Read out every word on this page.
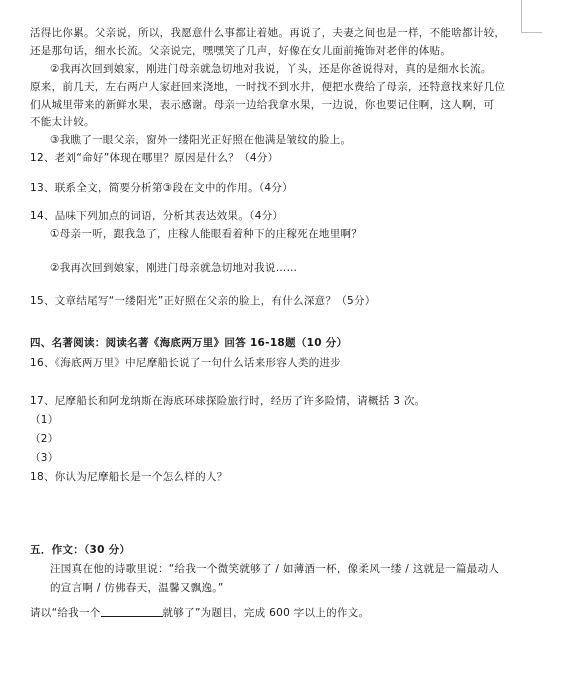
活得比你累。父亲说，所以，我愿意什么事都让着她。再说了，夫妻之间也是一样，不能啥都计较，
还是那句话，细水长流。父亲说完，嘿嘿笑了几声，好像在女儿面前掩饰对老伴的体贴。
②我再次回到娘家，刚进门母亲就急切地对我说，丫头，还是你爸说得对，真的是细水长流。
原来，前几天，左右两户人家赶回来浇地，一时找不到水井，便把水费给了母亲，还特意找来好几位
们从城里带来的新鲜水果，表示感谢。母亲一边给我拿水果，一边说，你也要记住啊，这人啊，可
不能太计较。
③我瞧了一眼父亲，窗外一缕阳光正好照在他满是皱纹的脸上。
12、老刘“命好”体现在哪里？原因是什么？（4分）
13、联系全文，简要分析第③段在文中的作用。（4分）
14、品味下列加点的词语，分析其表达效果。（4分）
①母亲一听，跟我急了，庄稼人能眼看着种下的庄稼死在地里啊？
②我再次回到娘家，刚进门母亲就急切地对我说……
15、文章结尾写“一缕阳光”正好照在父亲的脸上，有什么深意？（5分）
四、名著阅读：阅读名著《海底两万里》回答 16-18题（10 分）
16、《海底两万里》中尼摩船长说了一句什么话来形容人类的进步
17、尼摩船长和阿龙纳斯在海底环球探险旅行时，经历了许多险情，请概括 3 次。
（1）
（2）
（3）
18、你认为尼摩船长是一个怎么样的人？
五．作文：（30 分）
汪国真在他的诗歌里说：“给我一个微笑就够了 / 如薄酒一杯，像柔风一缕 / 这就是一篇最动人
的宣言啊 / 仿佛春天，温馨又飘逸。”
请以“给我一个	就够了”为题目，完成 600 字以上的作文。
